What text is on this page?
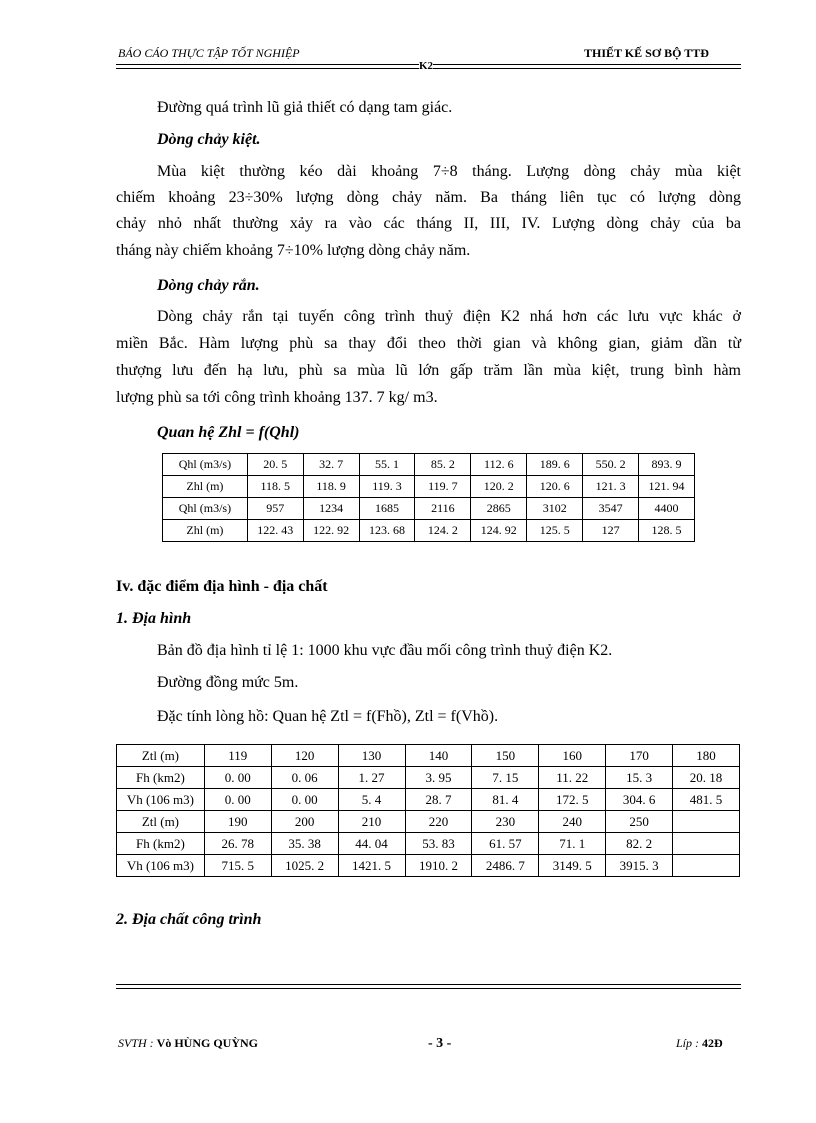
BÁO CÁO THỰC TẬP TỐT NGHIỆP	THIẾT KẾ SƠ BỘ TTĐ
K2
Đường quá trình lũ giả thiết có dạng tam giác.
Dòng chảy kiệt.
Mùa kiệt thường kéo dài khoảng 7÷8 tháng. Lượng dòng chảy mùa kiệt
chiếm khoảng 23÷30% lượng dòng chảy năm. Ba tháng liên tục có lượng dòng
chảy nhỏ nhất thường xảy ra vào các tháng II, III, IV. Lượng dòng chảy của ba
tháng này chiếm khoảng 7÷10% lượng dòng chảy năm.
Dòng chảy rắn.
Dòng chảy rắn tại tuyến công trình thuỷ điện K2 nhá hơn các lưu vực khác ở
miền Bắc. Hàm lượng phù sa thay đổi theo thời gian và không gian, giảm dần từ
thượng lưu đến hạ lưu, phù sa mùa lũ lớn gấp trăm lần mùa kiệt, trung bình hàm
lượng phù sa tới công trình khoảng 137. 7 kg/ m3.
Quan hệ Zhl = f(Qhl)
Qhl (m3/s)	20. 5	32. 7	55. 1	85. 2	112. 6	189. 6	550. 2	893. 9
Zhl (m)	118. 5	118. 9	119. 3	119. 7	120. 2	120. 6	121. 3	121. 94
Qhl (m3/s)	957	1234	1685	2116	2865	3102	3547	4400
Zhl (m)	122. 43	122. 92	123. 68	124. 2	124. 92	125. 5	127	128. 5
Iv. đặc điểm địa hình - địa chất
1. Địa hình
Bản đồ địa hình tỉ lệ 1: 1000 khu vực đầu mối công trình thuỷ điện K2.
Đường đồng mức 5m.
Đặc tính lòng hồ: Quan hệ Ztl = f(Fhồ), Ztl = f(Vhồ).
Ztl (m)	119	120	130	140	150	160	170	180
Fh (km2)	0. 00	0. 06	1. 27	3. 95	7. 15	11. 22	15. 3	20. 18
Vh (106 m3)	0. 00	0. 00	5. 4	28. 7	81. 4	172. 5	304. 6	481. 5
Ztl (m)	190	200	210	220	230	240	250	
Fh (km2)	26. 78	35. 38	44. 04	53. 83	61. 57	71. 1	82. 2	
Vh (106 m3)	715. 5	1025. 2	1421. 5	1910. 2	2486. 7	3149. 5	3915. 3	
2. Địa chất công trình
SVTH : Vò HÙNG QUỲNG	- 3 -	Líp : 42Ð
